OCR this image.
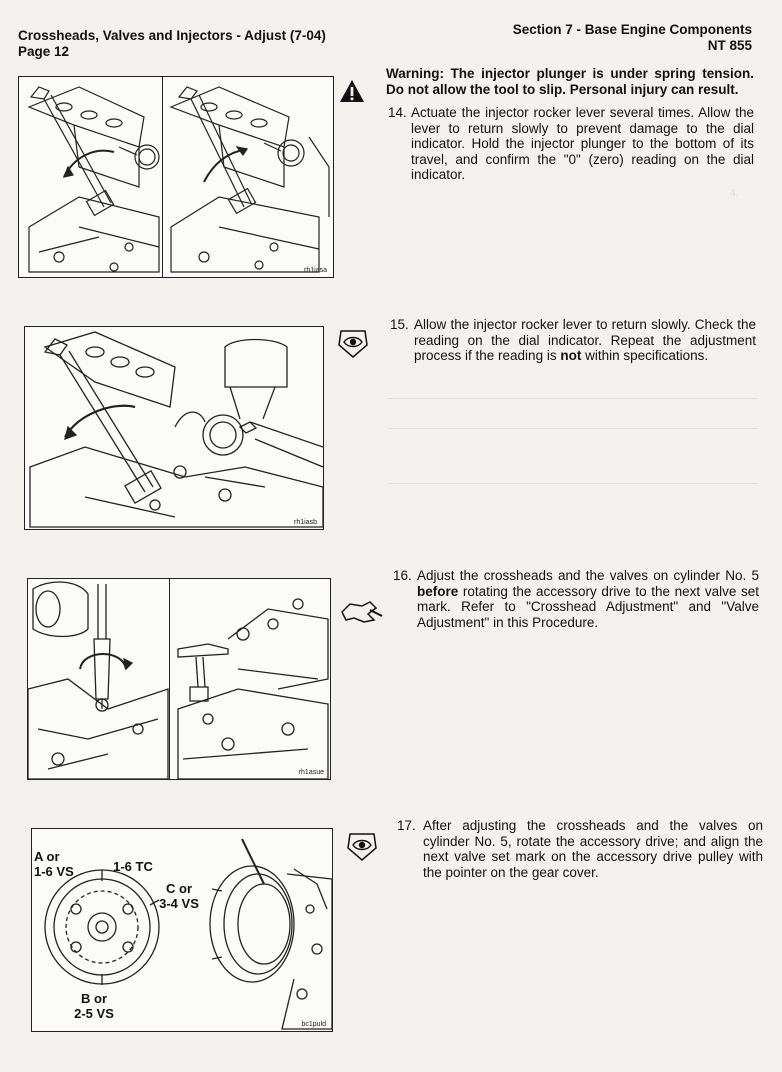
Crossheads, Valves and Injectors - Adjust (7-04)
Page 12
Section 7 - Base Engine Components
NT 855
rh1iasa
Warning: The injector plunger is under spring tension. Do not allow the tool to slip. Personal injury can result.
14. Actuate the injector rocker lever several times. Allow the lever to return slowly to prevent damage to the dial indicator. Hold the injector plunger to the bottom of its travel, and confirm the "0" (zero) reading on the dial indicator.
4.
rh1iasb
15. Allow the injector rocker lever to return slowly. Check the reading on the dial indicator. Repeat the adjustment process if the reading is not within specifications.
rh1asue
16. Adjust the crossheads and the valves on cylinder No. 5 before rotating the accessory drive to the next valve set mark. Refer to "Crosshead Adjustment" and "Valve Adjustment" in this Procedure.
A or
1-6 VS	1-6 TC
C or
3-4 VS
B or
2-5 VS
bc1puld
17. After adjusting the crossheads and the valves on cylinder No. 5, rotate the accessory drive; and align the next valve set mark on the accessory drive pulley with the pointer on the gear cover.
